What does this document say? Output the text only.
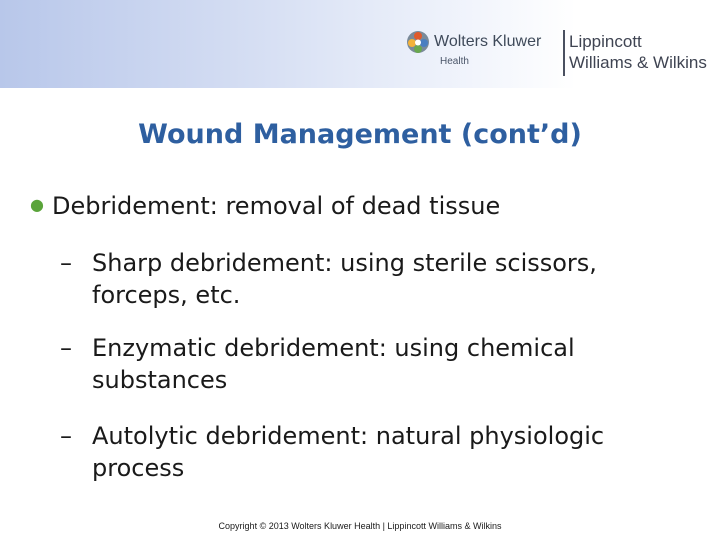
Wolters Kluwer
Health
Lippincott
Williams & Wilkins
Wound Management (cont’d)
● Debridement: removal of dead tissue
– Sharp debridement: using sterile scissors,
forceps, etc.
– Enzymatic debridement: using chemical
substances
– Autolytic debridement: natural physiologic
process
Copyright © 2013 Wolters Kluwer Health | Lippincott Williams & Wilkins
